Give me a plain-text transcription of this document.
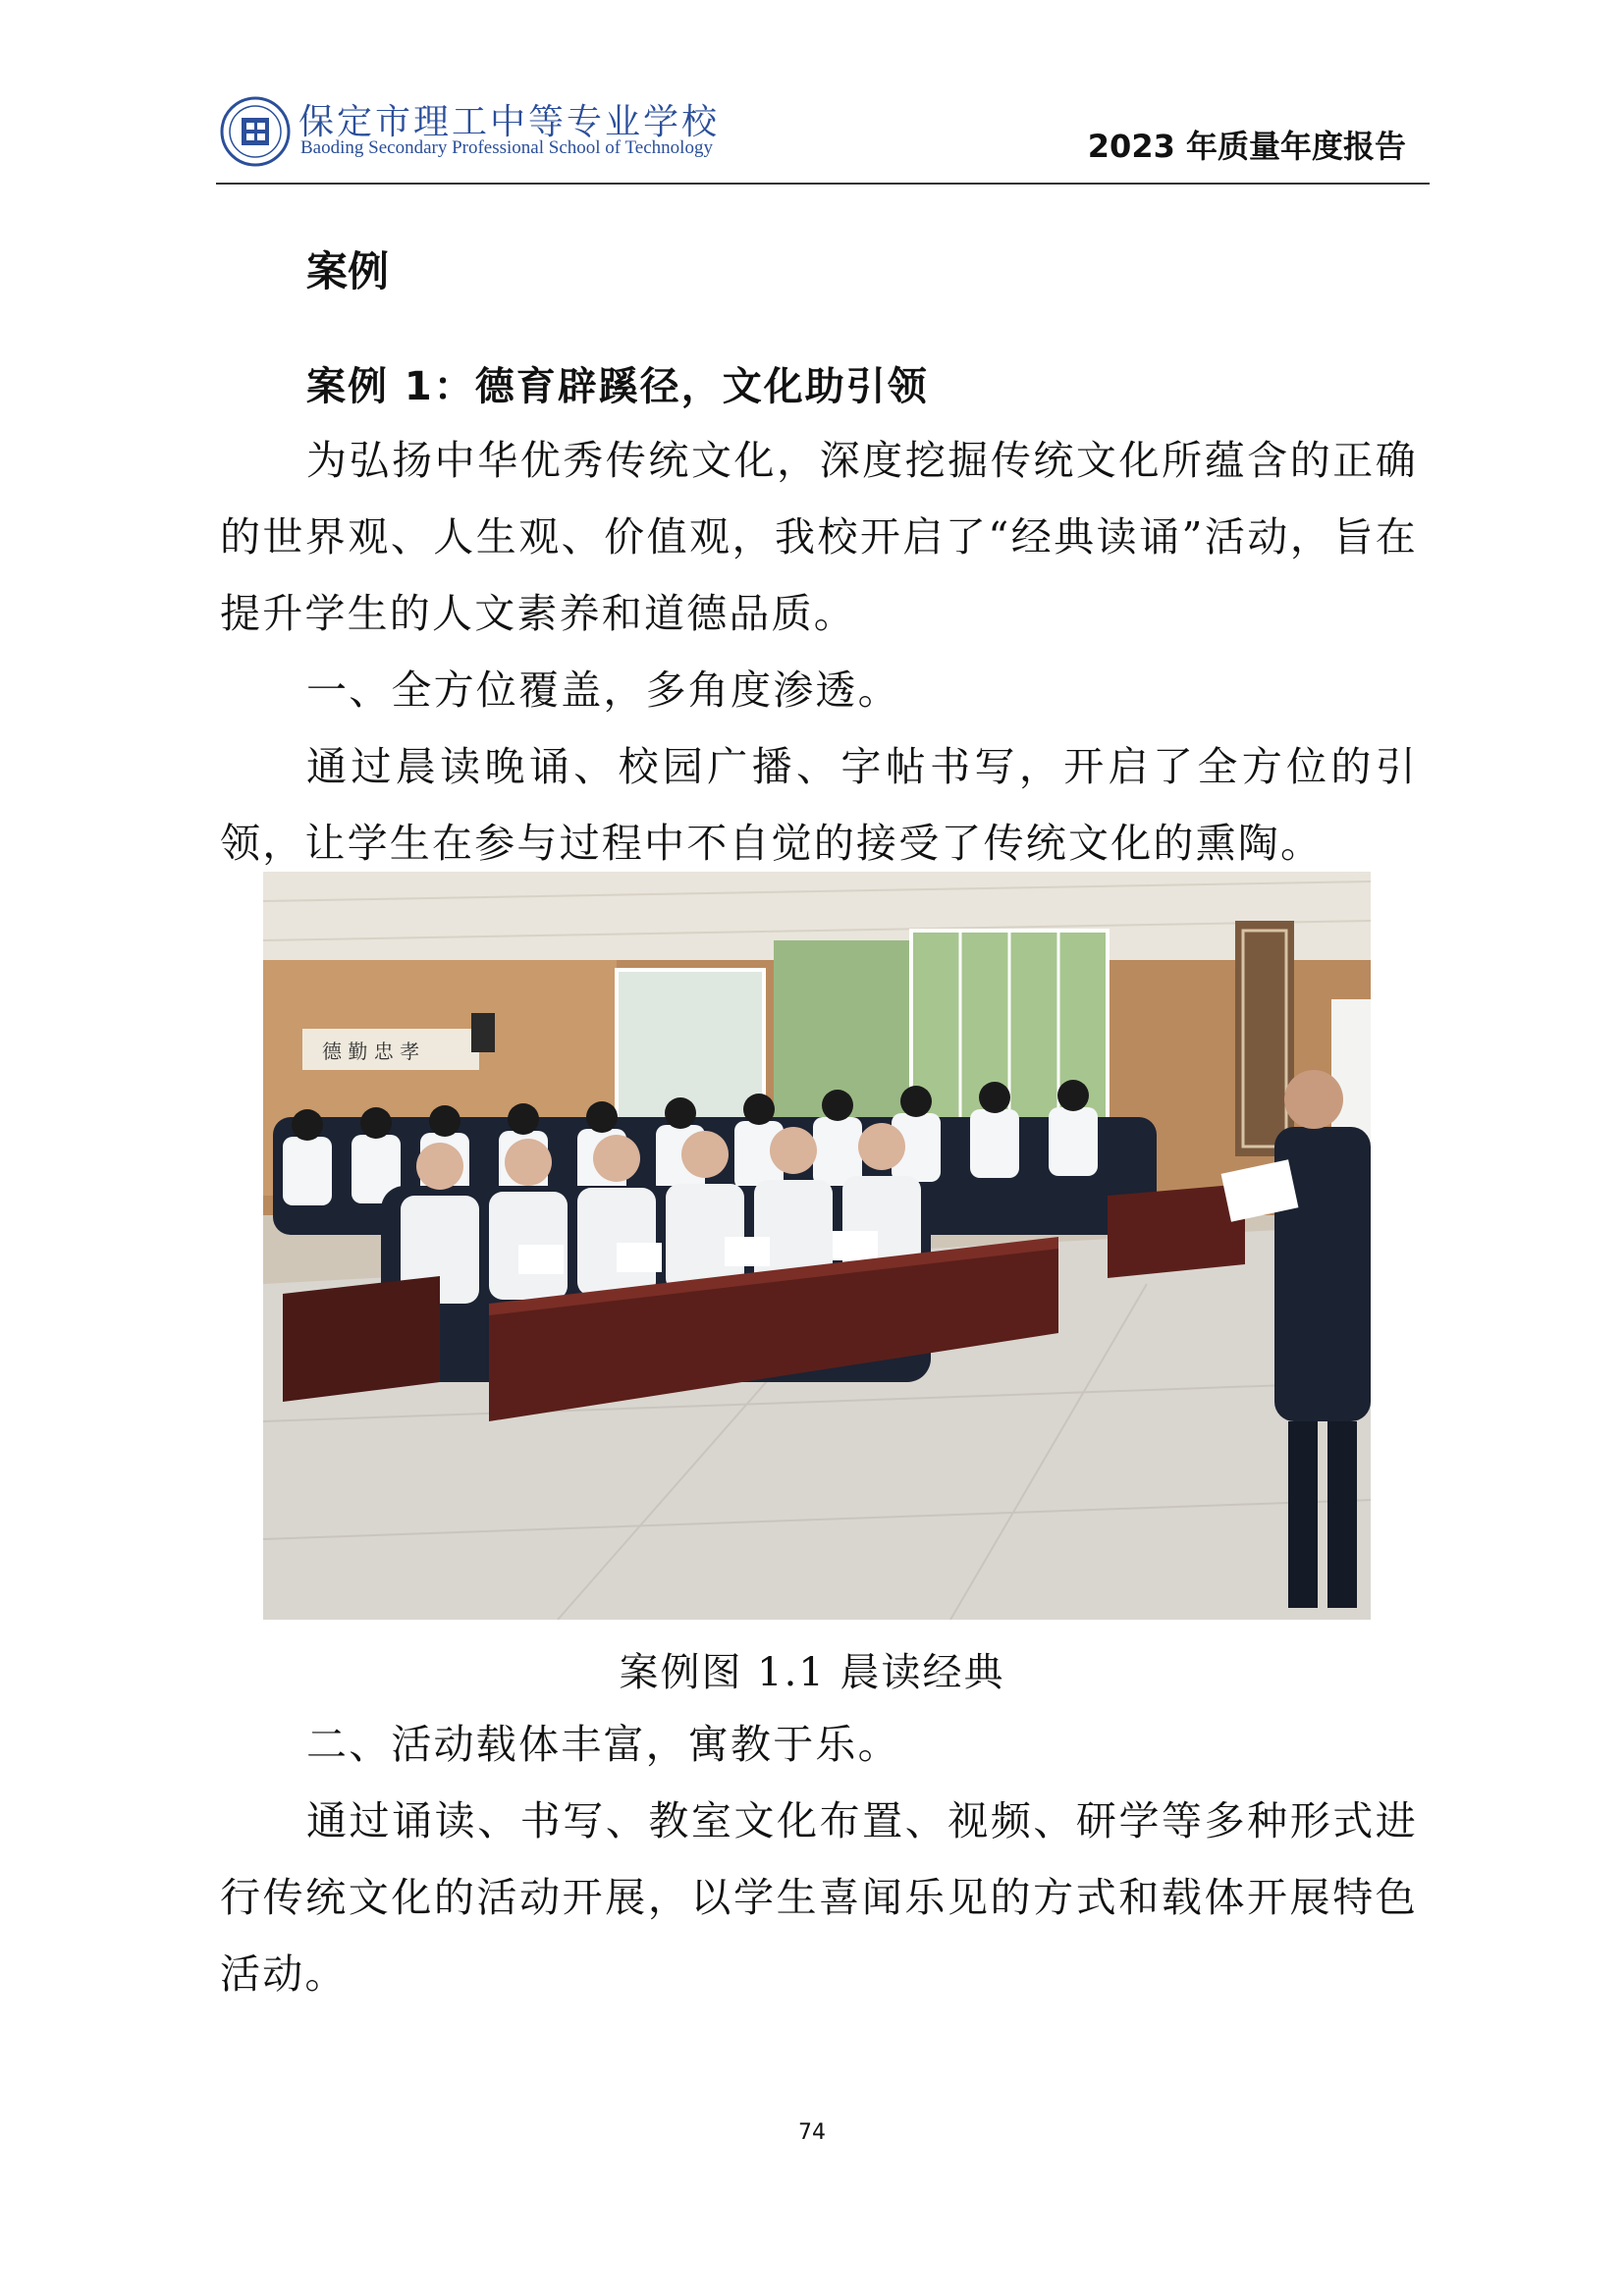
保定市理工中等专业学校
Baoding Secondary Professional School of Technology	2023 年质量年度报告
案例
案例 1：德育辟蹊径，文化助引领

为弘扬中华优秀传统文化，深度挖掘传统文化所蕴含的正确的世界观、人生观、价值观，我校开启了“经典读诵”活动，旨在提升学生的人文素养和道德品质。

一、全方位覆盖，多角度渗透。

通过晨读晚诵、校园广播、字帖书写，开启了全方位的引领，让学生在参与过程中不自觉的接受了传统文化的熏陶。

德 勤 忠 孝
案例图 1.1 晨读经典

二、活动载体丰富，寓教于乐。

通过诵读、书写、教室文化布置、视频、研学等多种形式进行传统文化的活动开展，以学生喜闻乐见的方式和载体开展特色活动。

74
